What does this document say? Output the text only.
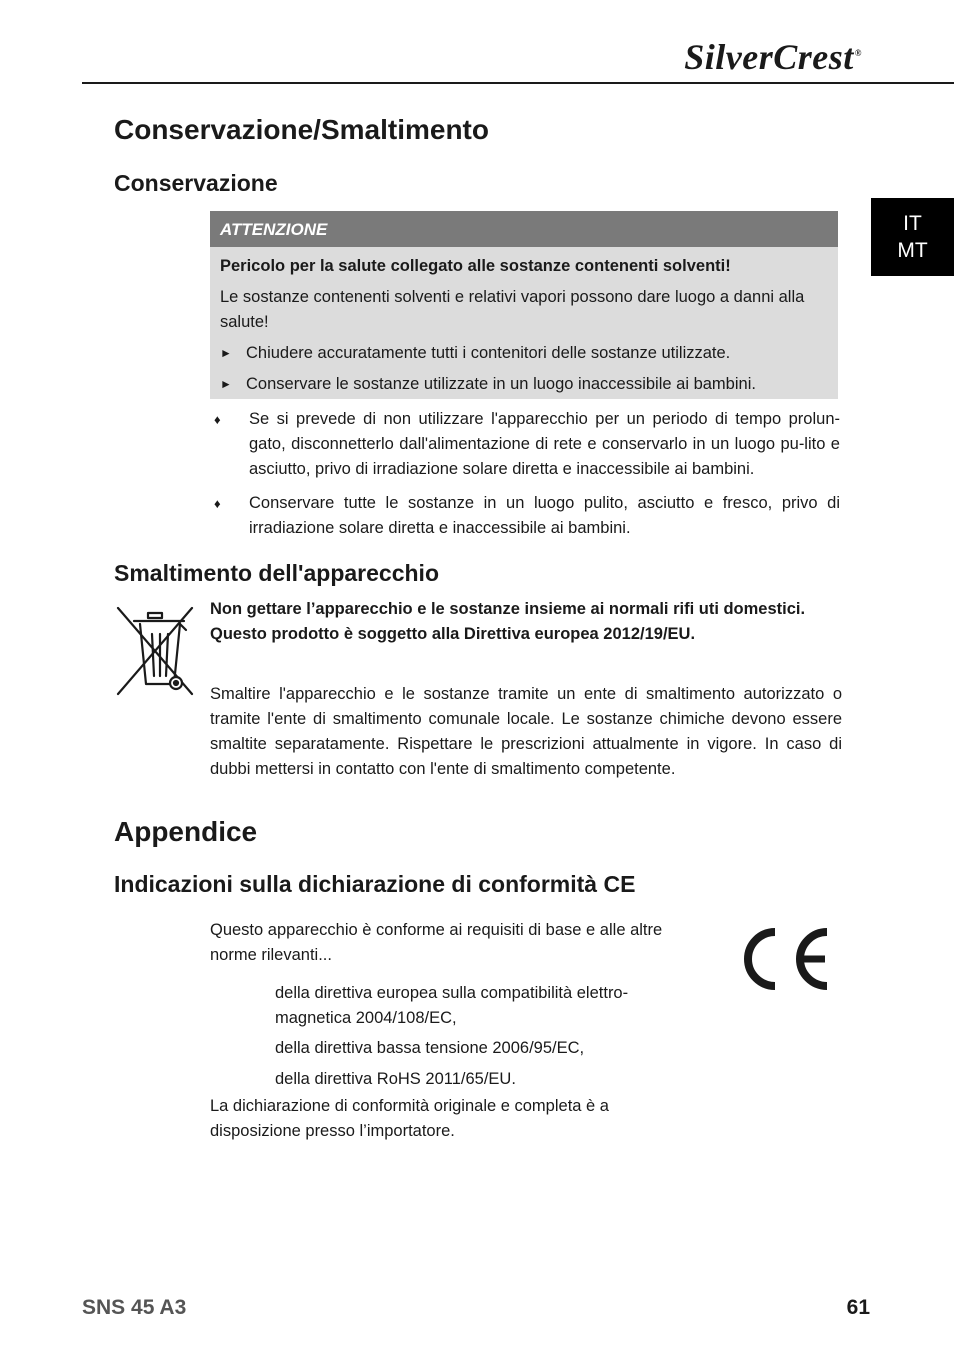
SilverCrest®
IT
MT
Conservazione/Smaltimento
Conservazione
ATTENZIONE

Pericolo per la salute collegato alle sostanze contenenti solventi!

Le sostanze contenenti solventi e relativi vapori possono dare luogo a danni alla salute!

► Chiudere accuratamente tutti i contenitori delle sostanze utilizzate.
► Conservare le sostanze utilizzate in un luogo inaccessibile ai bambini.
♦	Se si prevede di non utilizzare l'apparecchio per un periodo di tempo prolun-gato, disconnetterlo dall'alimentazione di rete e conservarlo in un luogo pu-lito e asciutto, privo di irradiazione solare diretta e inaccessibile ai bambini.
♦	Conservare tutte le sostanze in un luogo pulito, asciutto e fresco, privo di irradiazione solare diretta e inaccessibile ai bambini.
Smaltimento dell'apparecchio

Non gettare l’apparecchio e le sostanze insieme ai normali rifi uti domestici. Questo prodotto è soggetto alla Direttiva europea 2012/19/EU.

Smaltire l'apparecchio e le sostanze tramite un ente di smaltimento autorizzato o tramite l'ente di smaltimento comunale locale. Le sostanze chimiche devono essere smaltite separatamente. Rispettare le prescrizioni attualmente in vigore. In caso di dubbi mettersi in contatto con l'ente di smaltimento competente.

Appendice
Indicazioni sulla dichiarazione di conformità CE

Questo apparecchio è conforme ai requisiti di base e alle altre norme rilevanti...

della direttiva europea sulla compatibilità elettro-magnetica 2004/108/EC,

della direttiva bassa tensione 2006/95/EC,

della direttiva RoHS 2011/65/EU.

La dichiarazione di conformità originale e completa è a disposizione presso l’importatore.

SNS 45 A3	61
